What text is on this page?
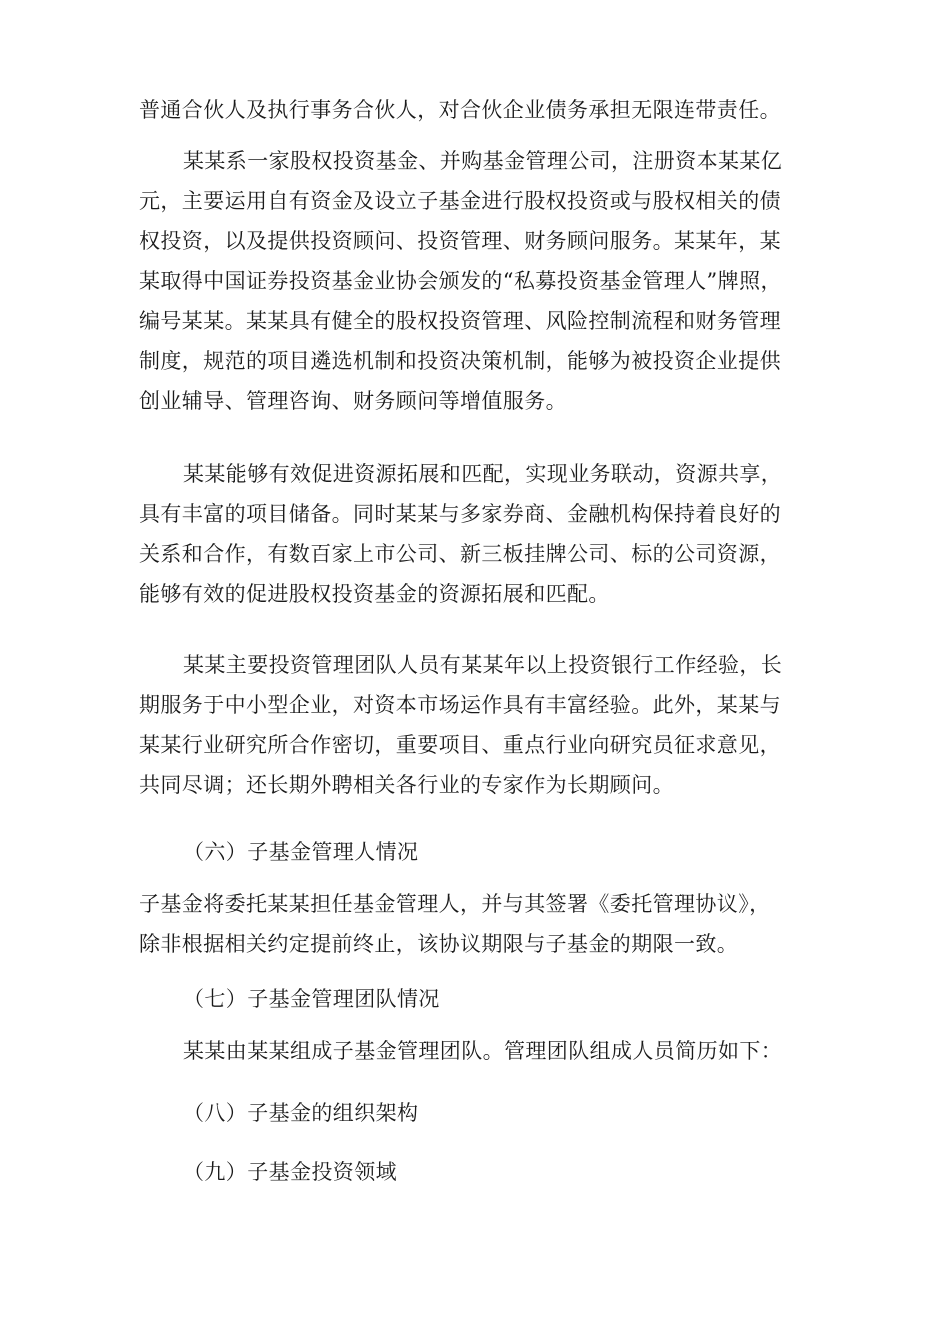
普通合伙人及执行事务合伙人，对合伙企业债务承担无限连带责任。
某某系一家股权投资基金、并购基金管理公司，注册资本某某亿
元，主要运用自有资金及设立子基金进行股权投资或与股权相关的债
权投资，以及提供投资顾问、投资管理、财务顾问服务。某某年，某
某取得中国证券投资基金业协会颁发的“私募投资基金管理人”牌照，
编号某某。某某具有健全的股权投资管理、风险控制流程和财务管理
制度，规范的项目遴选机制和投资决策机制，能够为被投资企业提供
创业辅导、管理咨询、财务顾问等增值服务。
某某能够有效促进资源拓展和匹配，实现业务联动，资源共享，
具有丰富的项目储备。同时某某与多家券商、金融机构保持着良好的
关系和合作，有数百家上市公司、新三板挂牌公司、标的公司资源，
能够有效的促进股权投资基金的资源拓展和匹配。
某某主要投资管理团队人员有某某年以上投资银行工作经验，长
期服务于中小型企业，对资本市场运作具有丰富经验。此外，某某与
某某行业研究所合作密切，重要项目、重点行业向研究员征求意见，
共同尽调；还长期外聘相关各行业的专家作为长期顾问。
（六）子基金管理人情况
子基金将委托某某担任基金管理人，并与其签署《委托管理协议》，
除非根据相关约定提前终止，该协议期限与子基金的期限一致。
（七）子基金管理团队情况
某某由某某组成子基金管理团队。管理团队组成人员简历如下：
（八）子基金的组织架构
（九）子基金投资领域
